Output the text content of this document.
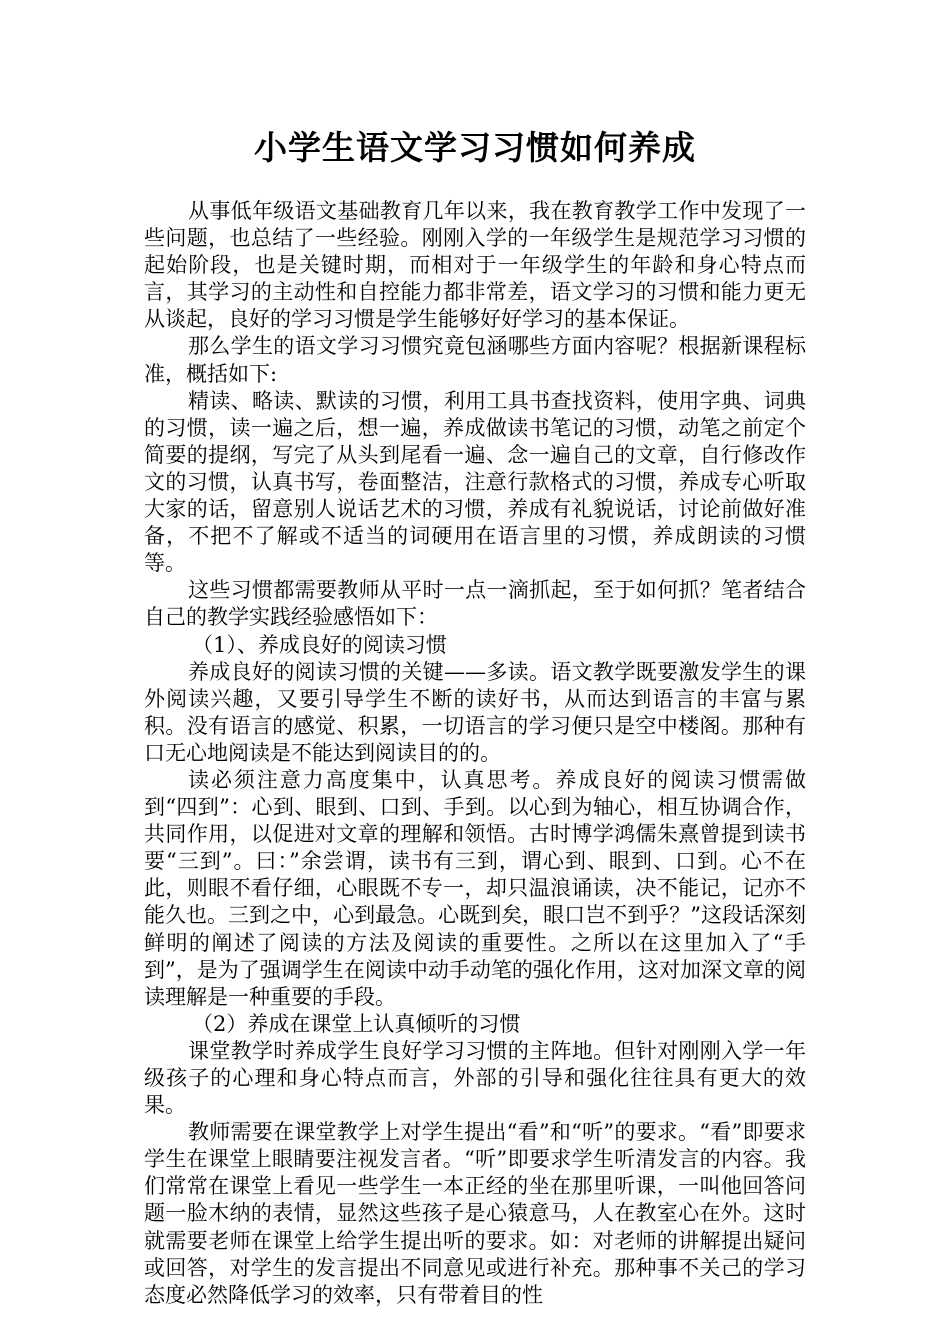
小学生语文学习习惯如何养成

从事低年级语文基础教育几年以来，我在教育教学工作中发现了一些问题，也总结了一些经验。刚刚入学的一年级学生是规范学习习惯的起始阶段，也是关键时期，而相对于一年级学生的年龄和身心特点而言，其学习的主动性和自控能力都非常差，语文学习的习惯和能力更无从谈起，良好的学习习惯是学生能够好好学习的基本保证。

那么学生的语文学习习惯究竟包涵哪些方面内容呢？根据新课程标准，概括如下:

精读、略读、默读的习惯，利用工具书查找资料，使用字典、词典的习惯，读一遍之后，想一遍，养成做读书笔记的习惯，动笔之前定个简要的提纲，写完了从头到尾看一遍、念一遍自己的文章，自行修改作文的习惯，认真书写，卷面整洁，注意行款格式的习惯，养成专心听取大家的话，留意别人说话艺术的习惯，养成有礼貌说话，讨论前做好准备，不把不了解或不适当的词硬用在语言里的习惯，养成朗读的习惯等。

这些习惯都需要教师从平时一点一滴抓起，至于如何抓？笔者结合自己的教学实践经验感悟如下：

（1）、养成良好的阅读习惯

养成良好的阅读习惯的关键——多读。语文教学既要激发学生的课外阅读兴趣，又要引导学生不断的读好书，从而达到语言的丰富与累积。没有语言的感觉、积累，一切语言的学习便只是空中楼阁。那种有口无心地阅读是不能达到阅读目的的。

读必须注意力高度集中，认真思考。养成良好的阅读习惯需做到“四到”：心到、眼到、口到、手到。以心到为轴心，相互协调合作，共同作用，以促进对文章的理解和领悟。古时博学鸿儒朱熹曾提到读书要“三到”。曰：”余尝谓，读书有三到，谓心到、眼到、口到。心不在此，则眼不看仔细，心眼既不专一，却只温浪诵读，决不能记，记亦不能久也。三到之中，心到最急。心既到矣，眼口岂不到乎？”这段话深刻鲜明的阐述了阅读的方法及阅读的重要性。之所以在这里加入了“手到”，是为了强调学生在阅读中动手动笔的强化作用，这对加深文章的阅读理解是一种重要的手段。

（2）养成在课堂上认真倾听的习惯

课堂教学时养成学生良好学习习惯的主阵地。但针对刚刚入学一年级孩子的心理和身心特点而言，外部的引导和强化往往具有更大的效果。

教师需要在课堂教学上对学生提出“看”和“听”的要求。“看”即要求学生在课堂上眼睛要注视发言者。“听”即要求学生听清发言的内容。我们常常在课堂上看见一些学生一本正经的坐在那里听课，一叫他回答问题一脸木纳的表情，显然这些孩子是心猿意马，人在教室心在外。这时就需要老师在课堂上给学生提出听的要求。如：对老师的讲解提出疑问或回答，对学生的发言提出不同意见或进行补充。那种事不关己的学习态度必然降低学习的效率，只有带着目的性
